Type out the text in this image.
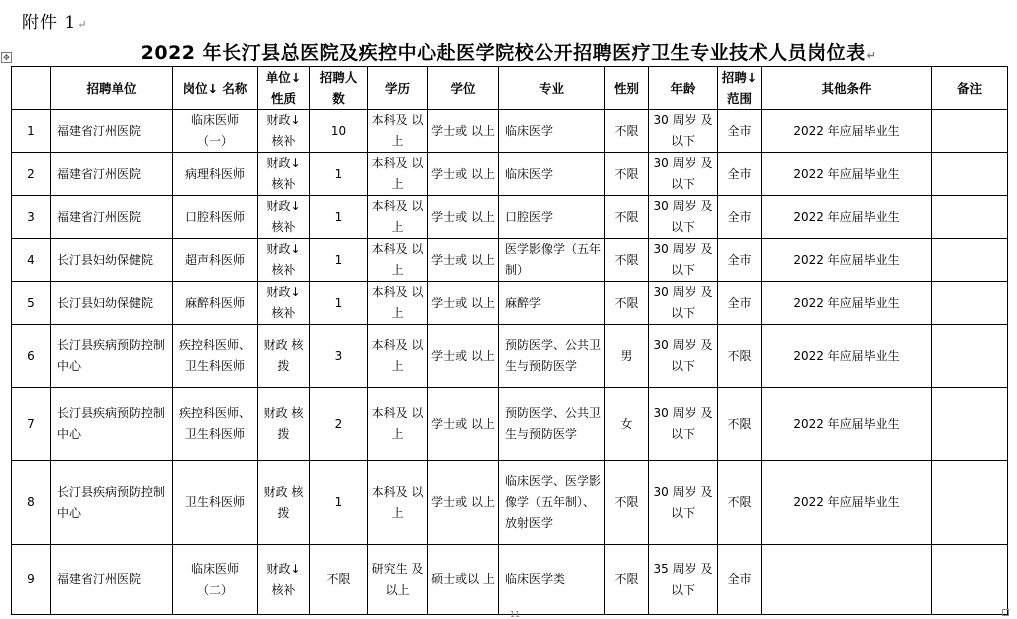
附件 1↵
✥	2022 年长汀县总医院及疾控中心赴医学院校公开招聘医疗卫生专业技术人员岗位表↵
	招聘单位	岗位↓ 名称	单位↓ 性质	招聘人 数	学历	学位	专业	性别	年龄	招聘↓ 范围	其他条件	备注
1	福建省汀州医院	临床医师 （一）	财政↓ 核补	10	本科及 以上	学士或 以上	临床医学	不限	30 周岁 及以下	全市	2022 年应届毕业生	
2	福建省汀州医院	病理科医师	财政↓ 核补	1	本科及 以上	学士或 以上	临床医学	不限	30 周岁 及以下	全市	2022 年应届毕业生	
3	福建省汀州医院	口腔科医师	财政↓ 核补	1	本科及 以上	学士或 以上	口腔医学	不限	30 周岁 及以下	全市	2022 年应届毕业生	
4	长汀县妇幼保健院	超声科医师	财政↓ 核补	1	本科及 以上	学士或 以上	医学影像学（五年制）	不限	30 周岁 及以下	全市	2022 年应届毕业生	
5	长汀县妇幼保健院	麻醉科医师	财政↓ 核补	1	本科及 以上	学士或 以上	麻醉学	不限	30 周岁 及以下	全市	2022 年应届毕业生	
6	长汀县疾病预防控制中心	疾控科医师、卫生科医师	财政 核拨	3	本科及 以上	学士或 以上	预防医学、公共卫生与预防医学	男	30 周岁 及以下	不限	2022 年应届毕业生	
7	长汀县疾病预防控制中心	疾控科医师、卫生科医师	财政 核拨	2	本科及 以上	学士或 以上	预防医学、公共卫生与预防医学	女	30 周岁 及以下	不限	2022 年应届毕业生	
8	长汀县疾病预防控制中心	卫生科医师	财政 核拨	1	本科及 以上	学士或 以上	临床医学、医学影像学（五年制）、放射医学	不限	30 周岁 及以下	不限	2022 年应届毕业生	
9	福建省汀州医院	临床医师 （二）	财政↓ 核补	不限	研究生 及以上	硕士或以 上	临床医学类	不限	35 周岁 及以下	全市		
11
